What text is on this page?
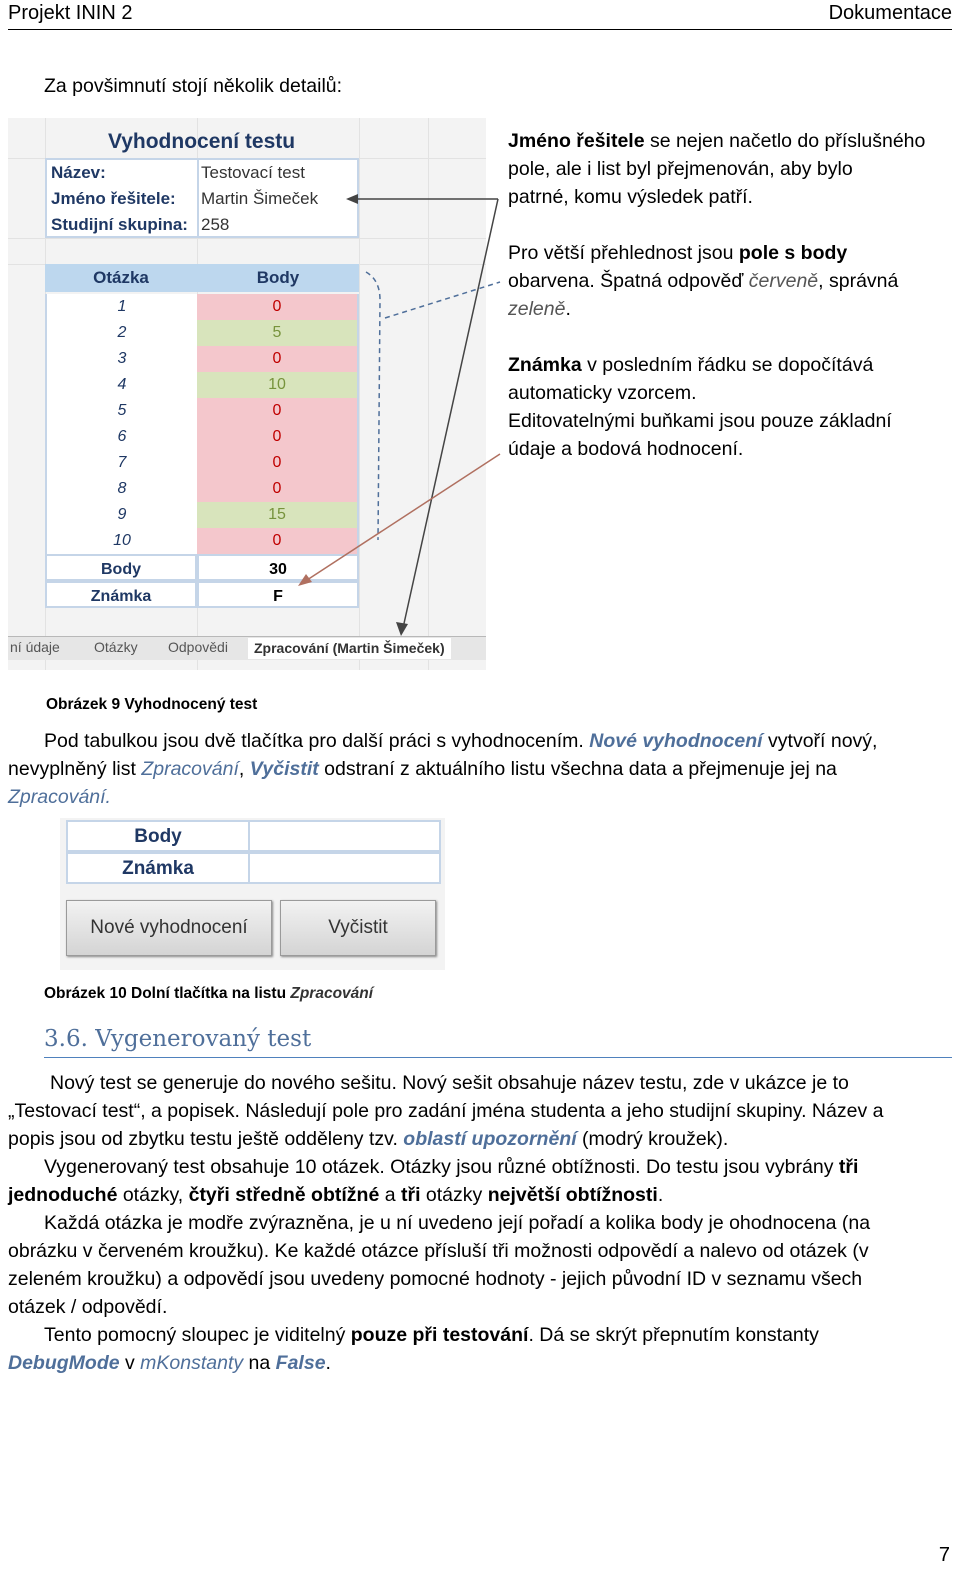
Projekt ININ 2	Dokumentace
Za povšimnutí stojí několik detailů:
Vyhodnocení testu
Název:	Testovací test
Jméno řešitele: Martin Šimeček
Studijní skupina: 258
Otázka	Body
1	0
2	5
3	0
4	10
5	0
6	0
7	0
8	0
9	15
10	0
Body	30
Známka	F
ní údaje Otázky Odpovědi	Zpracování (Martin Šimeček)
Jméno řešitele se nejen načetlo do příslušného
pole, ale i list byl přejmenován, aby bylo
patrné, komu výsledek patří.
Pro větší přehlednost jsou pole s body
obarvena. Špatná odpověď červeně, správná
zeleně.
Známka v posledním řádku se dopočítává
automaticky vzorcem.
Editovatelnými buňkami jsou pouze základní
údaje a bodová hodnocení.
Obrázek 9 Vyhodnocený test
Pod tabulkou jsou dvě tlačítka pro další práci s vyhodnocením. Nové vyhodnocení vytvoří nový,
nevyplněný list Zpracování, Vyčistit odstraní z aktuálního listu všechna data a přejmenuje jej na
Zpracování.
Body
Známka
Nové vyhodnocení	Vyčistit
Obrázek 10 Dolní tlačítka na listu Zpracování
3.6. Vygenerovaný test
Nový test se generuje do nového sešitu. Nový sešit obsahuje název testu, zde v ukázce je to
„Testovací test“, a popisek. Následují pole pro zadání jména studenta a jeho studijní skupiny. Název a
popis jsou od zbytku testu ještě odděleny tzv. oblastí upozornění (modrý kroužek).
Vygenerovaný test obsahuje 10 otázek. Otázky jsou různé obtížnosti. Do testu jsou vybrány tři
jednoduché otázky, čtyři středně obtížné a tři otázky největší obtížnosti.
Každá otázka je modře zvýrazněna, je u ní uvedeno její pořadí a kolika body je ohodnocena (na
obrázku v červeném kroužku). Ke každé otázce přísluší tři možnosti odpovědí a nalevo od otázek (v
zeleném kroužku) a odpovědí jsou uvedeny pomocné hodnoty - jejich původní ID v seznamu všech
otázek / odpovědí.
Tento pomocný sloupec je viditelný pouze při testování. Dá se skrýt přepnutím konstanty
DebugMode v mKonstanty na False.
7
